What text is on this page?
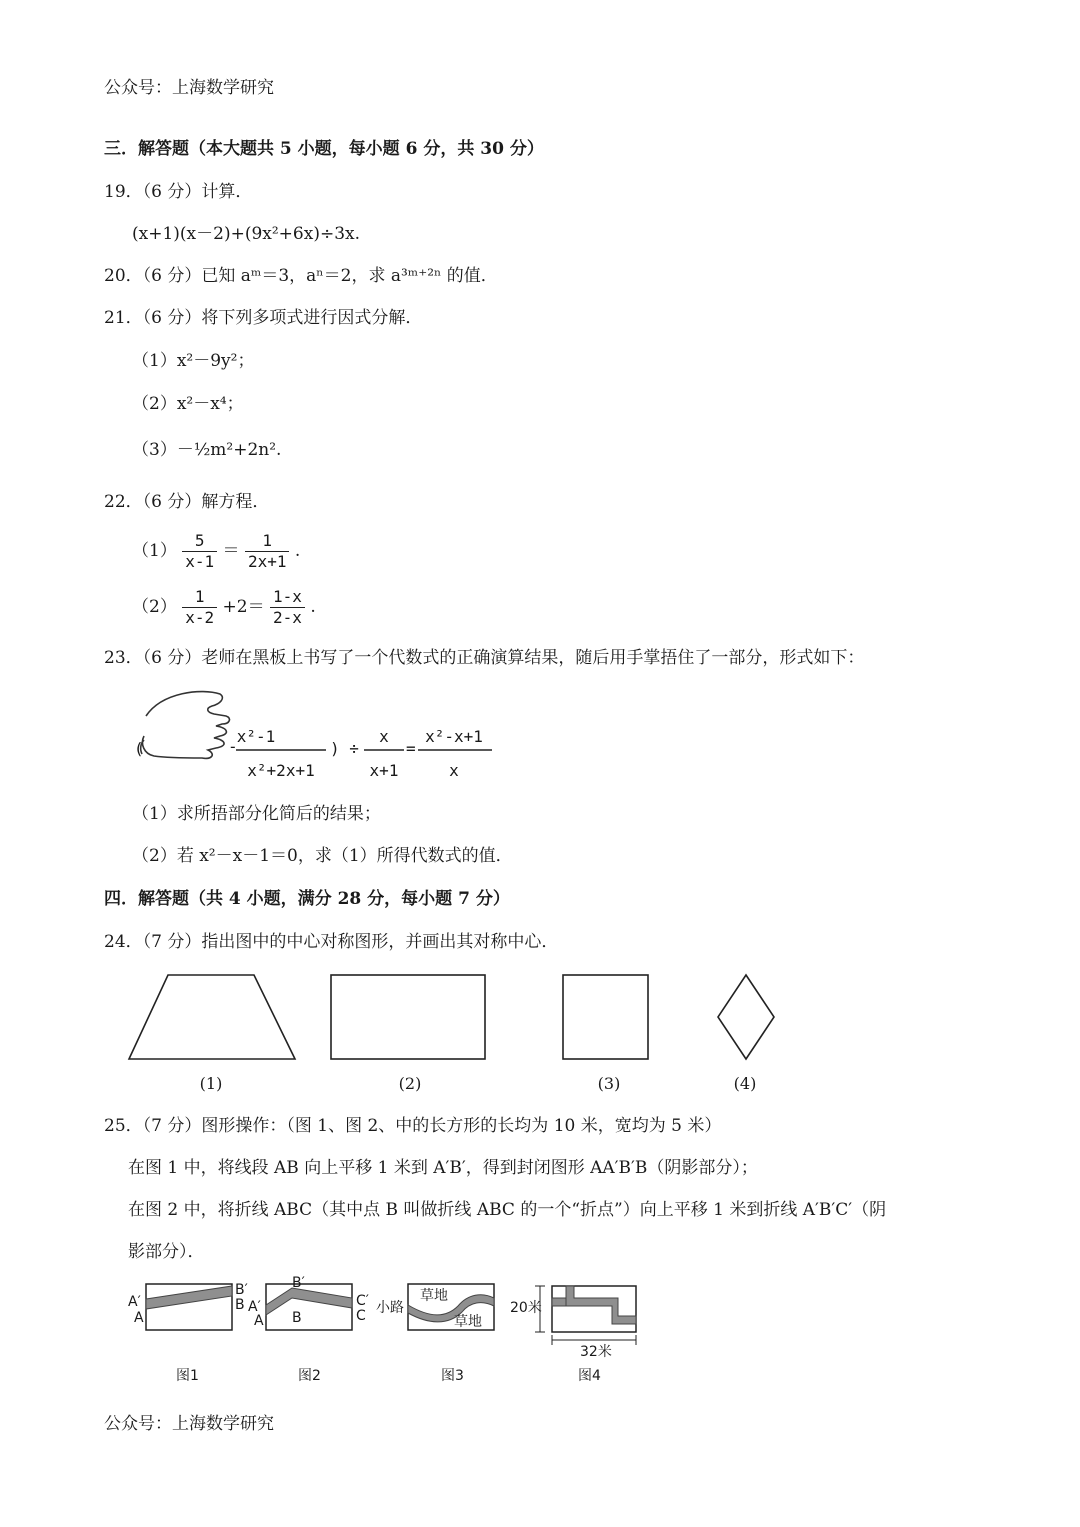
公众号：上海数学研究
三．解答题（本大题共 5 小题，每小题 6 分，共 30 分）
19．（6 分）计算．
(x+1)(x－2)+(9x²+6x)÷3x.
20．（6 分）已知 aᵐ＝3，aⁿ＝2，求 a³ᵐ⁺²ⁿ 的值．
21．（6 分）将下列多项式进行因式分解．
（1）x²－9y²；
（2）x²－x⁴；
（3）－½m²+2n².
22．（6 分）解方程．
$(1) \frac{5}{x-1} = \frac{1}{2x+1}$ .
$(2) \frac{1}{x-2} +2= \frac{1-x}{2-x}$ .
23．（6 分）老师在黑板上书写了一个代数式的正确演算结果，随后用手掌捂住了一部分，形式如下：
(	-
x²-1
x²+2x+1
) ÷
x
x+1
=
x²-x+1
x
（1）求所捂部分化简后的结果；
（2）若 x²－x－1＝0，求（1）所得代数式的值．
四．解答题（共 4 小题，满分 28 分，每小题 7 分）
24．（7 分）指出图中的中心对称图形，并画出其对称中心．
(1)	(2)	(3)	(4)
25．（7 分）图形操作：（图 1、图 2、中的长方形的长均为 10 米，宽均为 5 米）
在图 1 中，将线段 AB 向上平移 1 米到 A′B′，得到封闭图形 AA′B′B（阴影部分）；
在图 2 中，将折线 ABC（其中点 B 叫做折线 ABC 的一个“折点”）向上平移 1 米到折线 A′B′C′（阴
影部分）．
A′
A
B′
B A′
A
B′
B
C′
C 小路
草地
草地
20米
32米
图1	图2	图3	图4
公众号：上海数学研究
